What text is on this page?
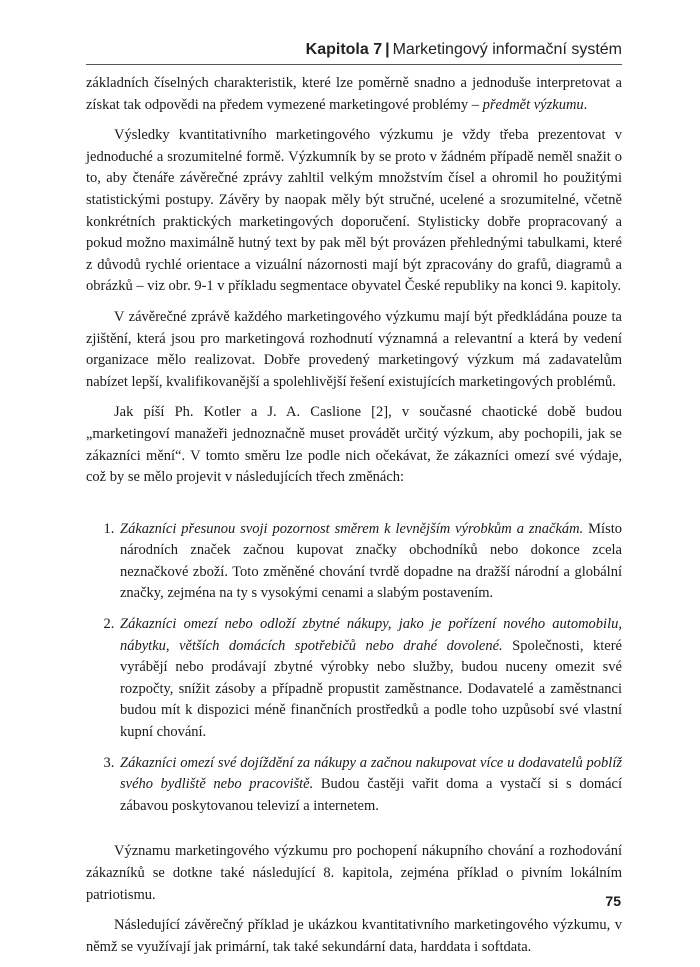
Kapitola 7 | Marketingový informační systém

základních číselných charakteristik, které lze poměrně snadno a jednoduše interpretovat a získat tak odpovědi na předem vymezené marketingové problémy – předmět výzkumu.

Výsledky kvantitativního marketingového výzkumu je vždy třeba prezentovat v jednoduché a srozumitelné formě. Výzkumník by se proto v žádném případě neměl snažit o to, aby čtenáře závěrečné zprávy zahltil velkým množstvím čísel a ohromil ho použitými statistickými postupy. Závěry by naopak měly být stručné, ucelené a srozumitelné, včetně konkrétních praktických marketingových doporučení. Stylisticky dobře propracovaný a pokud možno maximálně hutný text by pak měl být provázen přehlednými tabulkami, které z důvodů rychlé orientace a vizuální názornosti mají být zpracovány do grafů, diagramů a obrázků – viz obr. 9-1 v příkladu segmentace obyvatel České republiky na konci 9. kapitoly.

V závěrečné zprávě každého marketingového výzkumu mají být předkládána pouze ta zjištění, která jsou pro marketingová rozhodnutí významná a relevantní a která by vedení organizace mělo realizovat. Dobře provedený marketingový výzkum má zadavatelům nabízet lepší, kvalifikovanější a spolehlivější řešení existujících marketingových problémů.

Jak píší Ph. Kotler a J. A. Caslione [2], v současné chaotické době budou „marketingoví manažeři jednoznačně muset provádět určitý výzkum, aby pochopili, jak se zákazníci mění“. V tomto směru lze podle nich očekávat, že zákazníci omezí své výdaje, což by se mělo projevit v následujících třech změnách:

1. Zákazníci přesunou svoji pozornost směrem k levnějším výrobkům a značkám. Místo národních značek začnou kupovat značky obchodníků nebo dokonce zcela neznačkové zboží. Toto změněné chování tvrdě dopadne na dražší národní a globální značky, zejména na ty s vysokými cenami a slabým postavením.
2. Zákazníci omezí nebo odloží zbytné nákupy, jako je pořízení nového automobilu, nábytku, větších domácích spotřebičů nebo drahé dovolené. Společnosti, které vyrábějí nebo prodávají zbytné výrobky nebo služby, budou nuceny omezit své rozpočty, snížit zásoby a případně propustit zaměstnance. Dodavatelé a zaměstnanci budou mít k dispozici méně finančních prostředků a podle toho uzpůsobí své vlastní kupní chování.
3. Zákazníci omezí své dojíždění za nákupy a začnou nakupovat více u dodavatelů poblíž svého bydliště nebo pracoviště. Budou častěji vařit doma a vystačí si s domácí zábavou poskytovanou televizí a internetem.

Významu marketingového výzkumu pro pochopení nákupního chování a rozhodování zákazníků se dotkne také následující 8. kapitola, zejména příklad o pivním lokálním patriotismu.

Následující závěrečný příklad je ukázkou kvantitativního marketingového výzkumu, v němž se využívají jak primární, tak také sekundární data, harddata i softdata.

75
